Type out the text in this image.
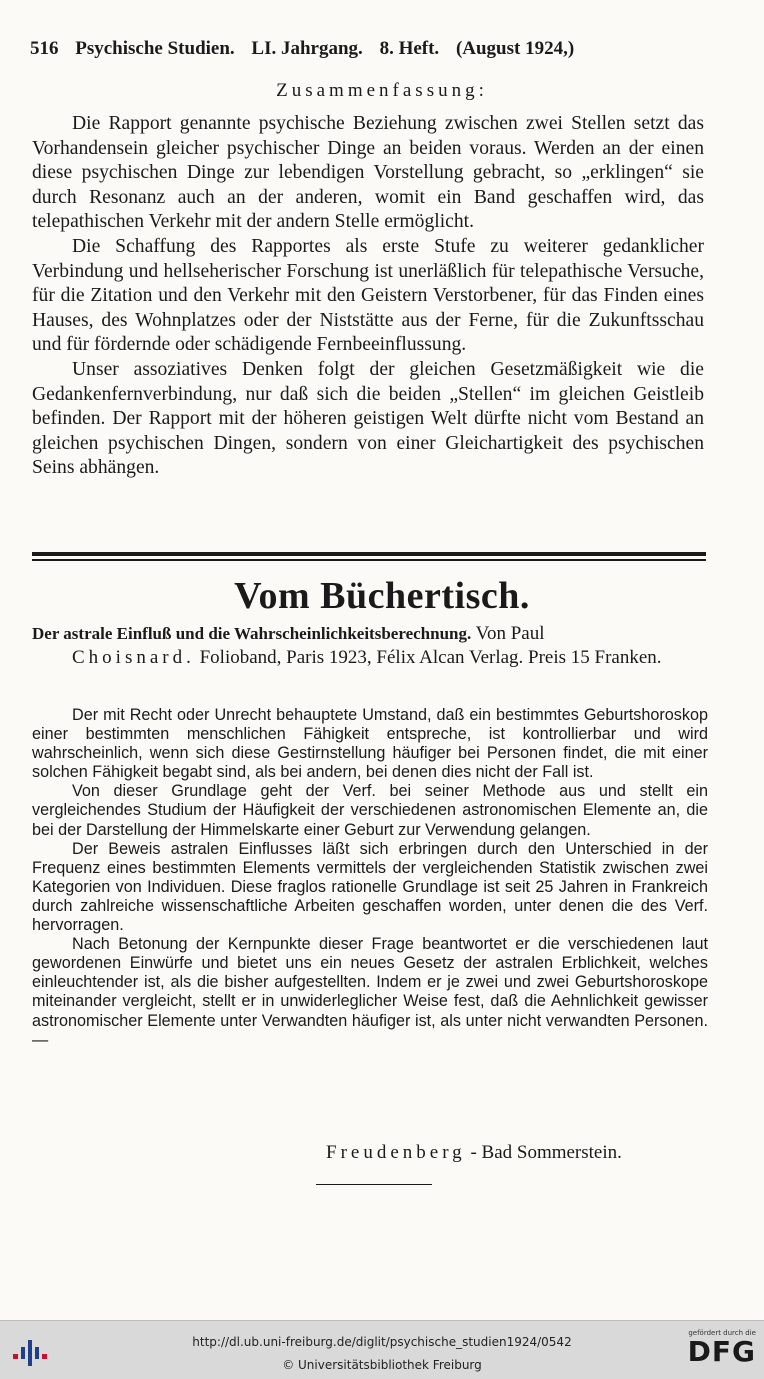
516 Psychische Studien. LI. Jahrgang. 8. Heft. (August 1924,)
Zusammenfassung:

Die Rapport genannte psychische Beziehung zwischen zwei Stellen setzt das Vorhandensein gleicher psychischer Dinge an beiden voraus. Werden an der einen diese psychischen Dinge zur lebendigen Vorstellung gebracht, so „erklingen“ sie durch Resonanz auch an der anderen, womit ein Band geschaffen wird, das telepathischen Verkehr mit der andern Stelle ermöglicht.

Die Schaffung des Rapportes als erste Stufe zu weiterer gedanklicher Verbindung und hellseherischer Forschung ist unerläßlich für telepathische Versuche, für die Zitation und den Verkehr mit den Geistern Verstorbener, für das Finden eines Hauses, des Wohnplatzes oder der Niststätte aus der Ferne, für die Zukunftsschau und für fördernde oder schädigende Fernbeeinflussung.

Unser assoziatives Denken folgt der gleichen Gesetzmäßigkeit wie die Gedankenfernverbindung, nur daß sich die beiden „Stellen“ im gleichen Geistleib befinden. Der Rapport mit der höheren geistigen Welt dürfte nicht vom Bestand an gleichen psychischen Dingen, sondern von einer Gleichartigkeit des psychischen Seins abhängen.

Vom Büchertisch.
Der astrale Einfluß und die Wahrscheinlichkeitsberechnung. Von Paul
Choisnard. Folioband, Paris 1923, Félix Alcan Verlag. Preis 15 Franken.

Der mit Recht oder Unrecht behauptete Umstand, daß ein bestimmtes Geburtshoroskop einer bestimmten menschlichen Fähigkeit entspreche, ist kontrollierbar und wird wahrscheinlich, wenn sich diese Gestirnstellung häufiger bei Personen findet, die mit einer solchen Fähigkeit begabt sind, als bei andern, bei denen dies nicht der Fall ist.

Von dieser Grundlage geht der Verf. bei seiner Methode aus und stellt ein vergleichendes Studium der Häufigkeit der verschiedenen astronomischen Elemente an, die bei der Darstellung der Himmelskarte einer Geburt zur Verwendung gelangen.

Der Beweis astralen Einflusses läßt sich erbringen durch den Unterschied in der Frequenz eines bestimmten Elements vermittels der vergleichenden Statistik zwischen zwei Kategorien von Individuen. Diese fraglos rationelle Grundlage ist seit 25 Jahren in Frankreich durch zahlreiche wissenschaftliche Arbeiten geschaffen worden, unter denen die des Verf. hervorragen.

Nach Betonung der Kernpunkte dieser Frage beantwortet er die verschiedenen laut gewordenen Einwürfe und bietet uns ein neues Gesetz der astralen Erblichkeit, welches einleuchtender ist, als die bisher aufgestellten. Indem er je zwei und zwei Geburtshoroskope miteinander vergleicht, stellt er in unwiderleglicher Weise fest, daß die Aehnlichkeit gewisser astronomischer Elemente unter Verwandten häufiger ist, als unter nicht verwandten Personen. —

Freudenberg - Bad Sommerstein.
http://dl.ub.uni-freiburg.de/diglit/psychische_studien1924/0542
© Universitätsbibliothek Freiburg
gefördert durch die
DFG
